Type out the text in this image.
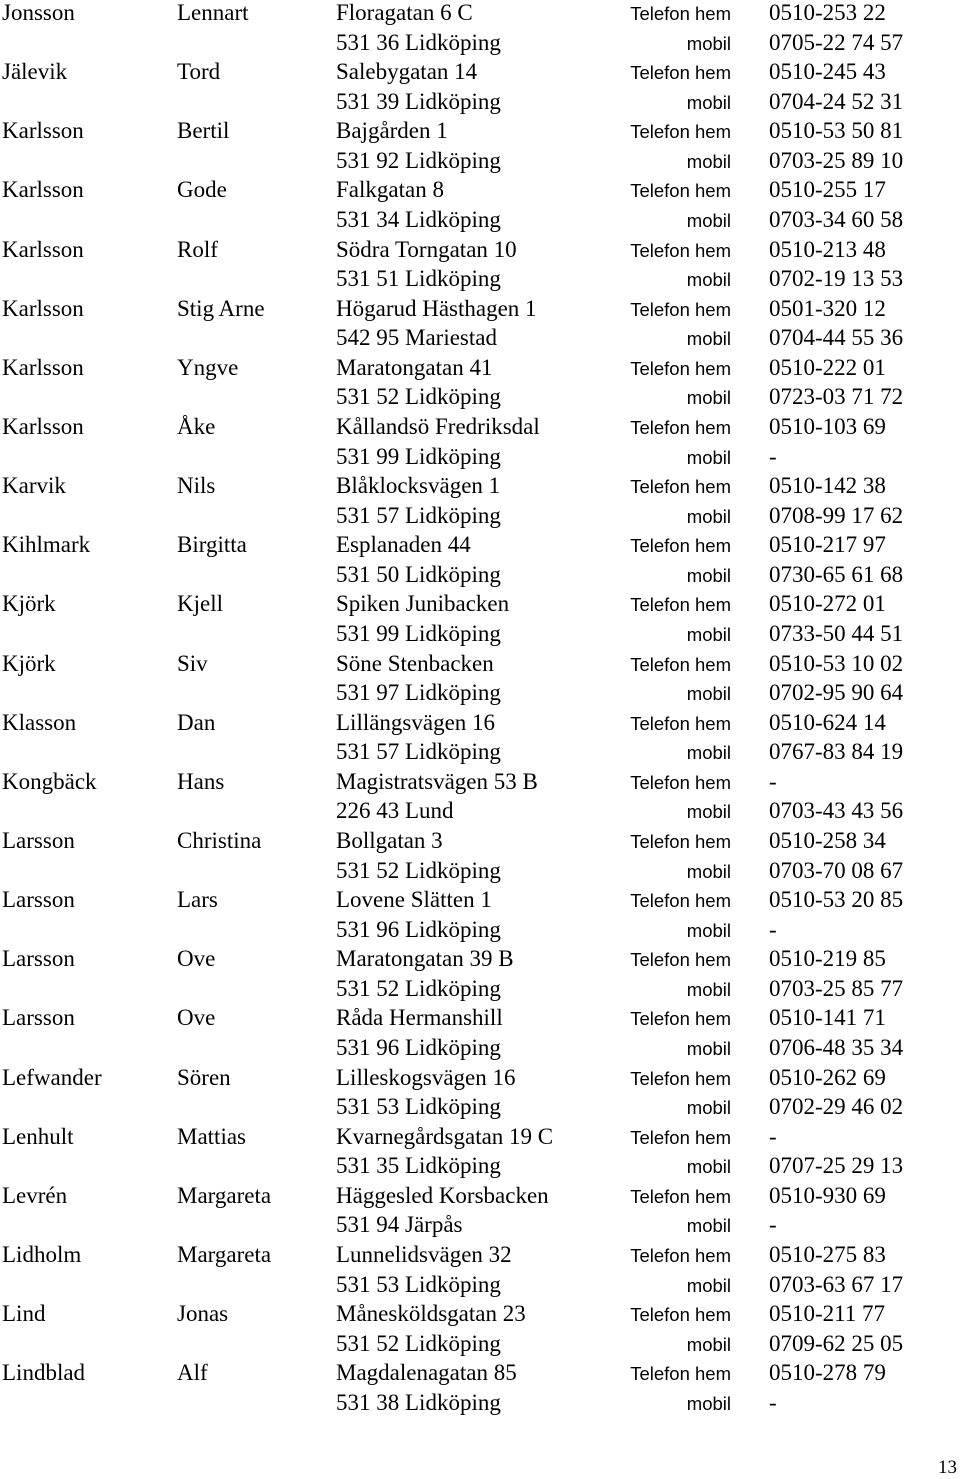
Jonsson	Lennart	Floragatan 6 C	Telefon hem 0510-253 22
531 36 Lidköping	mobil 0705-22 74 57
Jälevik	Tord	Salebygatan 14	Telefon hem 0510-245 43
531 39 Lidköping	mobil 0704-24 52 31
Karlsson	Bertil	Bajgården 1	Telefon hem 0510-53 50 81
531 92 Lidköping	mobil 0703-25 89 10
Karlsson	Gode	Falkgatan 8	Telefon hem 0510-255 17
531 34 Lidköping	mobil 0703-34 60 58
Karlsson	Rolf	Södra Torngatan 10	Telefon hem 0510-213 48
531 51 Lidköping	mobil 0702-19 13 53
Karlsson	Stig Arne	Högarud Hästhagen 1	Telefon hem 0501-320 12
542 95 Mariestad	mobil 0704-44 55 36
Karlsson	Yngve	Maratongatan 41	Telefon hem 0510-222 01
531 52 Lidköping	mobil 0723-03 71 72
Karlsson	Åke	Kållandsö Fredriksdal	Telefon hem 0510-103 69
531 99 Lidköping	mobil -
Karvik	Nils	Blåklocksvägen 1	Telefon hem 0510-142 38
531 57 Lidköping	mobil 0708-99 17 62
Kihlmark	Birgitta	Esplanaden 44	Telefon hem 0510-217 97
531 50 Lidköping	mobil 0730-65 61 68
Kjörk	Kjell	Spiken Junibacken	Telefon hem 0510-272 01
531 99 Lidköping	mobil 0733-50 44 51
Kjörk	Siv	Söne Stenbacken	Telefon hem 0510-53 10 02
531 97 Lidköping	mobil 0702-95 90 64
Klasson	Dan	Lillängsvägen 16	Telefon hem 0510-624 14
531 57 Lidköping	mobil 0767-83 84 19
Kongbäck	Hans	Magistratsvägen 53 B	Telefon hem -
226 43 Lund	mobil 0703-43 43 56
Larsson	Christina	Bollgatan 3	Telefon hem 0510-258 34
531 52 Lidköping	mobil 0703-70 08 67
Larsson	Lars	Lovene Slätten 1	Telefon hem 0510-53 20 85
531 96 Lidköping	mobil -
Larsson	Ove	Maratongatan 39 B	Telefon hem 0510-219 85
531 52 Lidköping	mobil 0703-25 85 77
Larsson	Ove	Råda Hermanshill	Telefon hem 0510-141 71
531 96 Lidköping	mobil 0706-48 35 34
Lefwander	Sören	Lilleskogsvägen 16	Telefon hem 0510-262 69
531 53 Lidköping	mobil 0702-29 46 02
Lenhult	Mattias	Kvarnegårdsgatan 19 C	Telefon hem -
531 35 Lidköping	mobil 0707-25 29 13
Levrén	Margareta	Häggesled Korsbacken	Telefon hem 0510-930 69
531 94 Järpås	mobil -
Lidholm	Margareta	Lunnelidsvägen 32	Telefon hem 0510-275 83
531 53 Lidköping	mobil 0703-63 67 17
Lind	Jonas	Månesköldsgatan 23	Telefon hem 0510-211 77
531 52 Lidköping	mobil 0709-62 25 05
Lindblad	Alf	Magdalenagatan 85	Telefon hem 0510-278 79
531 38 Lidköping	mobil -
13
